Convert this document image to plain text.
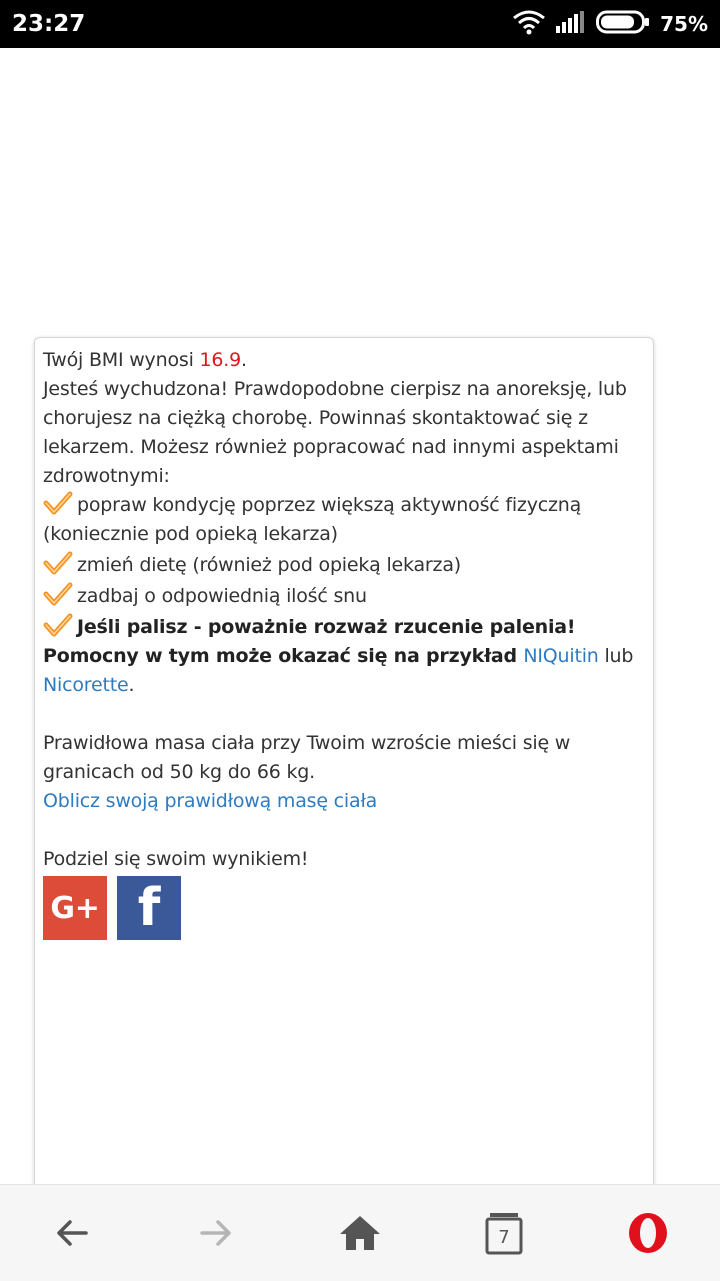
23:27	75%

Twój BMI wynosi 16.9.

Jesteś wychudzona! Prawdopodobne cierpisz na anoreksję, lub chorujesz na ciężką chorobę. Powinnaś skontaktować się z lekarzem. Możesz również popracować nad innymi aspektami zdrowotnymi:

popraw kondycję poprzez większą aktywność fizyczną (koniecznie pod opieką lekarza)

zmień dietę (również pod opieką lekarza)

zadbaj o odpowiednią ilość snu

Jeśli palisz - poważnie rozważ rzucenie palenia! Pomocny w tym może okazać się na przykład NIQuitin lub Nicorette.

Prawidłowa masa ciała przy Twoim wzroście mieści się w granicach od 50 kg do 66 kg.

Oblicz swoją prawidłową masę ciała

Podziel się swoim wynikiem!

G+ f
7
